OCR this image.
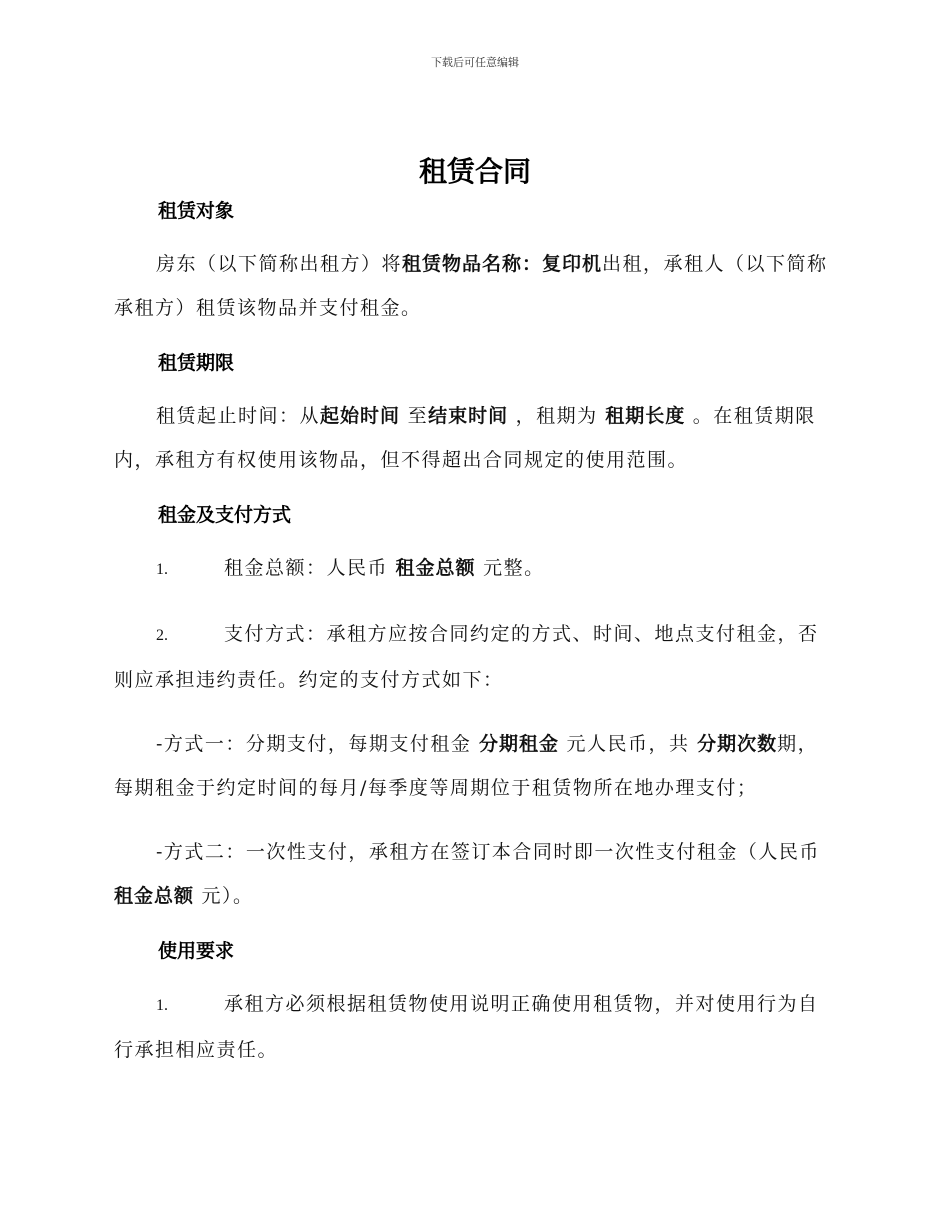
下载后可任意编辑
租赁合同
租赁对象

房东（以下简称出租方）将租赁物品名称：复印机出租，承租人（以下简称承租方）租赁该物品并支付租金。

租赁期限

租赁起止时间：从起始时间 至结束时间 ，租期为 租期长度 。在租赁期限内，承租方有权使用该物品，但不得超出合同规定的使用范围。

租金及支付方式

1.	租金总额：人民币 租金总额 元整。

2.	支付方式：承租方应按合同约定的方式、时间、地点支付租金，否则应承担违约责任。约定的支付方式如下：

-方式一：分期支付，每期支付租金 分期租金 元人民币，共 分期次数期，每期租金于约定时间的每月/每季度等周期位于租赁物所在地办理支付；

-方式二：一次性支付，承租方在签订本合同时即一次性支付租金（人民币 租金总额 元）。

使用要求

1.	承租方必须根据租赁物使用说明正确使用租赁物，并对使用行为自行承担相应责任。
